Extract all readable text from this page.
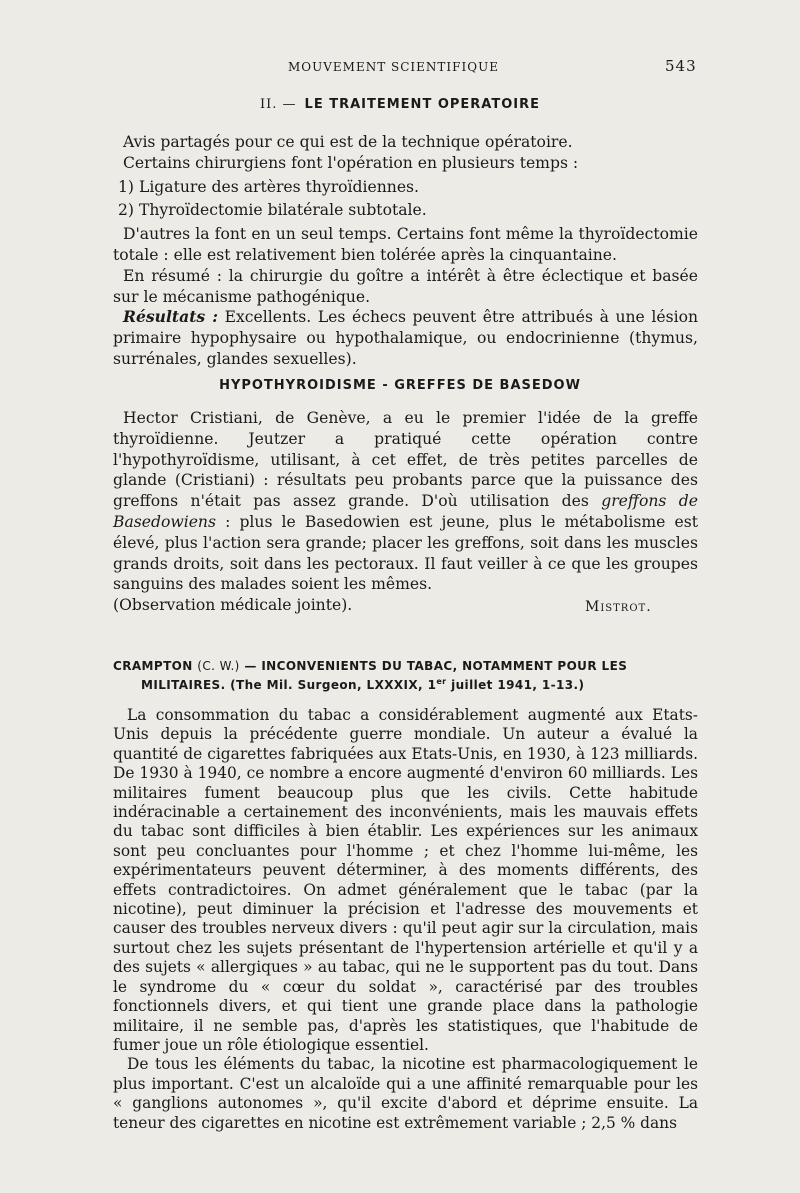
MOUVEMENT SCIENTIFIQUE	543
II. — LE TRAITEMENT OPERATOIRE

Avis partagés pour ce qui est de la technique opératoire.

Certains chirurgiens font l'opération en plusieurs temps :

1) Ligature des artères thyroïdiennes.

2) Thyroïdectomie bilatérale subtotale.

D'autres la font en un seul temps. Certains font même la thyroïdectomie totale : elle est relativement bien tolérée après la cinquantaine.

En résumé : la chirurgie du goître a intérêt à être éclectique et basée sur le mécanisme pathogénique.

Résultats : Excellents. Les échecs peuvent être attribués à une lésion primaire hypophysaire ou hypothalamique, ou endocrinienne (thymus, surrénales, glandes sexuelles).

HYPOTHYROIDISME - GREFFES DE BASEDOW

Hector Cristiani, de Genève, a eu le premier l'idée de la greffe thyroïdienne. Jeutzer a pratiqué cette opération contre l'hypothyroïdisme, utilisant, à cet effet, de très petites parcelles de glande (Cristiani) : résultats peu probants parce que la puissance des greffons n'était pas assez grande. D'où utilisation des greffons de Basedowiens : plus le Basedowien est jeune, plus le métabolisme est élevé, plus l'action sera grande; placer les greffons, soit dans les muscles grands droits, soit dans les pectoraux. Il faut veiller à ce que les groupes sanguins des malades soient les mêmes.

(Observation médicale jointe).	Mistrot.
CRAMPTON (C. W.) — INCONVENIENTS DU TABAC, NOTAMMENT POUR LES
MILITAIRES. (The Mil. Surgeon, LXXXIX, 1er juillet 1941, 1-13.)

La consommation du tabac a considérablement augmenté aux Etats-Unis depuis la précédente guerre mondiale. Un auteur a évalué la quantité de cigarettes fabriquées aux Etats-Unis, en 1930, à 123 milliards. De 1930 à 1940, ce nombre a encore augmenté d'environ 60 milliards. Les militaires fument beaucoup plus que les civils. Cette habitude indéracinable a certainement des inconvénients, mais les mauvais effets du tabac sont difficiles à bien établir. Les expériences sur les animaux sont peu concluantes pour l'homme ; et chez l'homme lui-même, les expérimentateurs peuvent déterminer, à des moments différents, des effets contradictoires. On admet généralement que le tabac (par la nicotine), peut diminuer la précision et l'adresse des mouvements et causer des troubles nerveux divers : qu'il peut agir sur la circulation, mais surtout chez les sujets présentant de l'hypertension artérielle et qu'il y a des sujets « allergiques » au tabac, qui ne le supportent pas du tout. Dans le syndrome du « cœur du soldat », caractérisé par des troubles fonctionnels divers, et qui tient une grande place dans la pathologie militaire, il ne semble pas, d'après les statistiques, que l'habitude de fumer joue un rôle étiologique essentiel.

De tous les éléments du tabac, la nicotine est pharmacologiquement le plus important. C'est un alcaloïde qui a une affinité remarquable pour les « ganglions autonomes », qu'il excite d'abord et déprime ensuite. La teneur des cigarettes en nicotine est extrêmement variable ; 2,5 % dans
